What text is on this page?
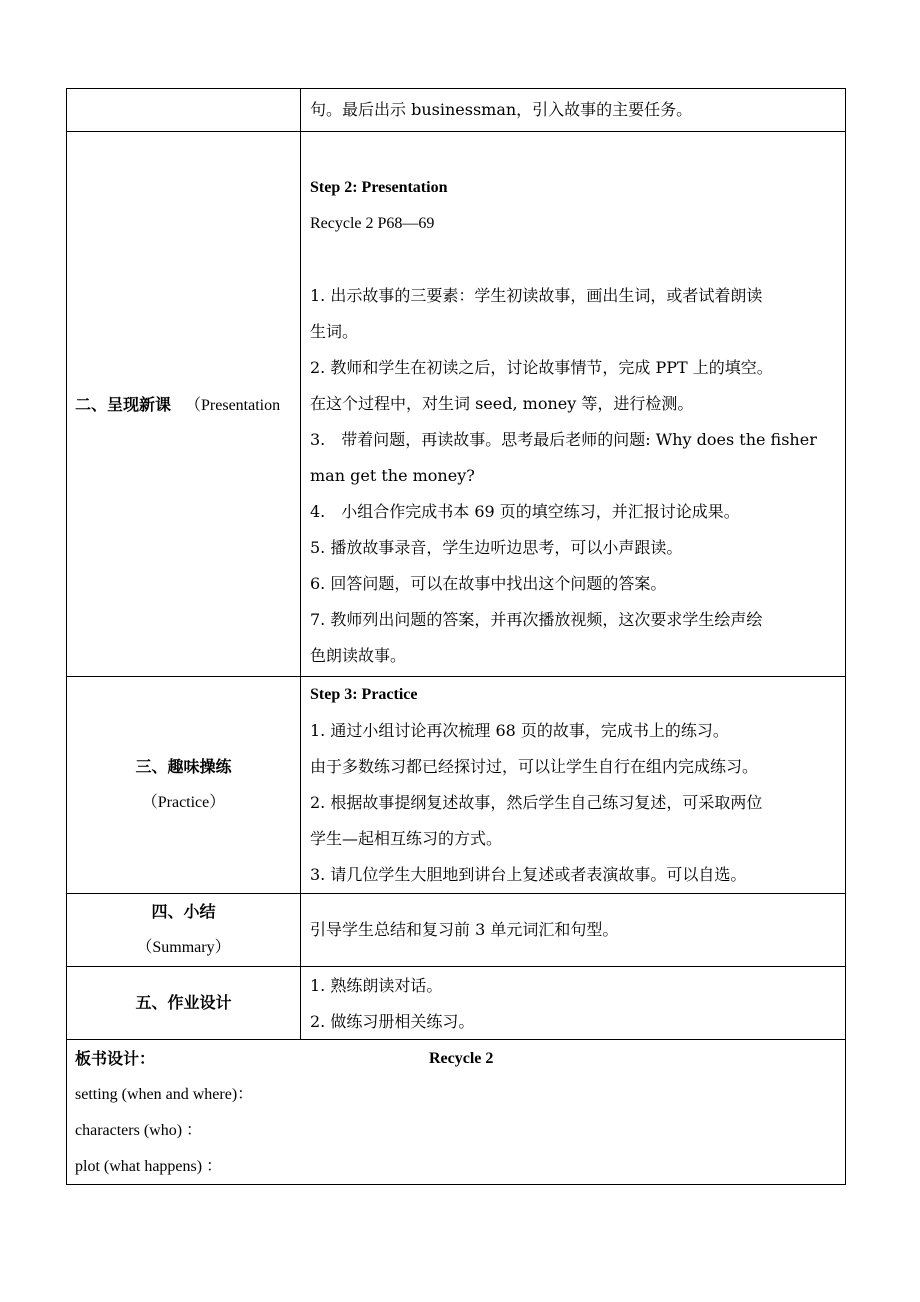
句。最后出示 businessman，引入故事的主要任务。
二、呈现新课 （Presentation
Step 2: Presentation
Recycle 2 P68—69
1. 出示故事的三要素：学生初读故事，画出生词，或者试着朗读
生词。
2. 教师和学生在初读之后，讨论故事情节，完成 PPT 上的填空。
在这个过程中，对生词 seed, money 等，进行检测。
3.　带着问题，再读故事。思考最后老师的问题: Why does the fisher
man get the money?
4.　小组合作完成书本 69 页的填空练习，并汇报讨论成果。
5. 播放故事录音，学生边听边思考，可以小声跟读。
6. 回答问题，可以在故事中找出这个问题的答案。
7. 教师列出问题的答案，并再次播放视频，这次要求学生绘声绘
色朗读故事。
三、趣味操练
（Practice）
Step 3: Practice
1. 通过小组讨论再次梳理 68 页的故事，完成书上的练习。
由于多数练习都已经探讨过，可以让学生自行在组内完成练习。
2. 根据故事提纲复述故事，然后学生自己练习复述，可采取两位
学生—起相互练习的方式。
3. 请几位学生大胆地到讲台上复述或者表演故事。可以自选。
四、小结
（Summary）
引导学生总结和复习前 3 单元词汇和句型。
五、作业设计
1. 熟练朗读对话。
2. 做练习册相关练习。
板书设计：	Recycle 2
setting (when and where)：
characters (who) ：
plot (what happens) ：
